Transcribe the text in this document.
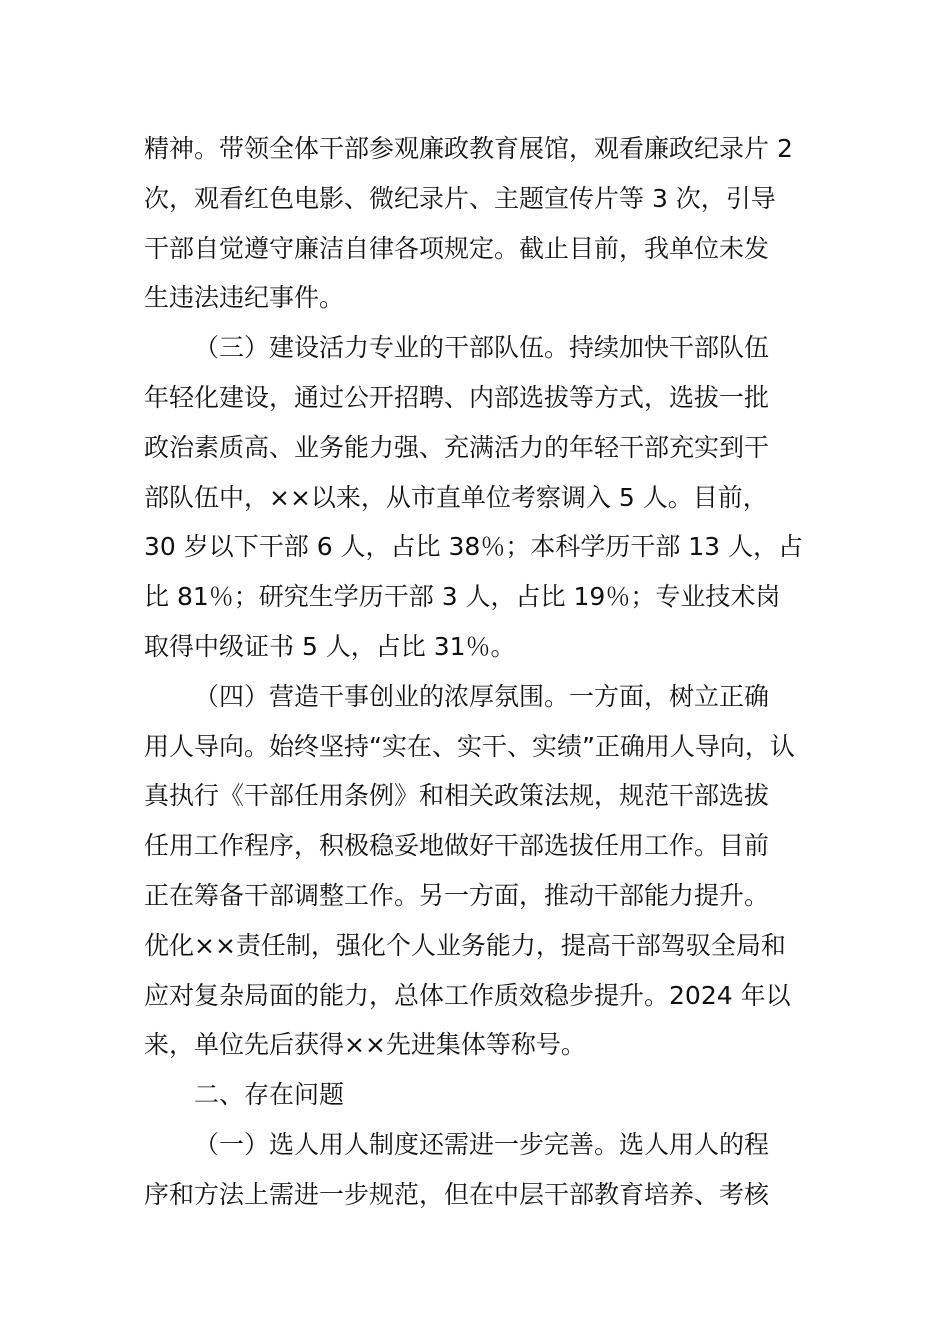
精神。带领全体干部参观廉政教育展馆，观看廉政纪录片 2
次，观看红色电影、微纪录片、主题宣传片等 3 次，引导
干部自觉遵守廉洁自律各项规定。截止目前，我单位未发
生违法违纪事件。
（三）建设活力专业的干部队伍。持续加快干部队伍
年轻化建设，通过公开招聘、内部选拔等方式，选拔一批
政治素质高、业务能力强、充满活力的年轻干部充实到干
部队伍中，××以来，从市直单位考察调入 5 人。目前，
30 岁以下干部 6 人，占比 38％；本科学历干部 13 人，占
比 81％；研究生学历干部 3 人，占比 19％；专业技术岗
取得中级证书 5 人，占比 31％。
（四）营造干事创业的浓厚氛围。一方面，树立正确
用人导向。始终坚持“实在、实干、实绩”正确用人导向，认
真执行《干部任用条例》和相关政策法规，规范干部选拔
任用工作程序，积极稳妥地做好干部选拔任用工作。目前
正在筹备干部调整工作。另一方面，推动干部能力提升。
优化××责任制，强化个人业务能力，提高干部驾驭全局和
应对复杂局面的能力，总体工作质效稳步提升。2024 年以
来，单位先后获得××先进集体等称号。
二、存在问题
（一）选人用人制度还需进一步完善。选人用人的程
序和方法上需进一步规范，但在中层干部教育培养、考核
